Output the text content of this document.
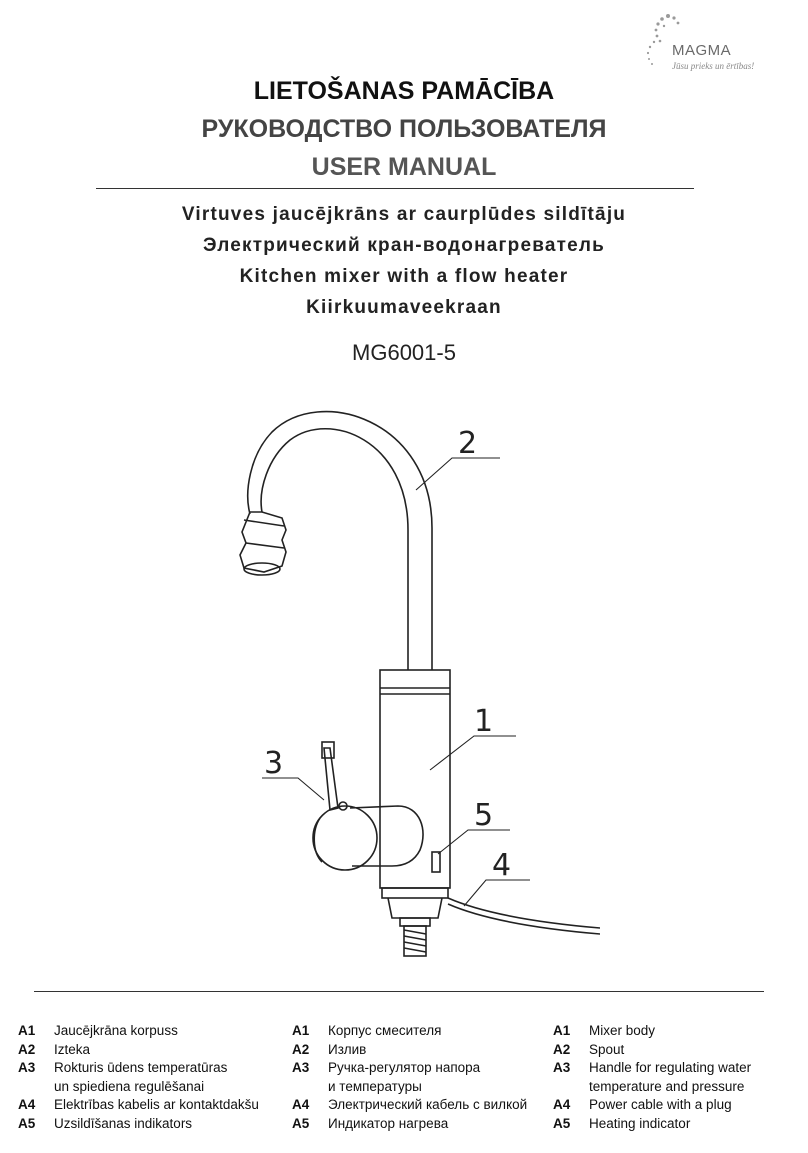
MAGMA
Jūsu prieks un ērtības!
LIETOŠANAS PAMĀCĪBA
РУКОВОДСТВО ПОЛЬЗОВАТЕЛЯ
USER MANUAL
Virtuves jaucējkrāns ar caurplūdes sildītāju
Электрический кран-водонагреватель
Kitchen mixer with a flow heater
Kiirkuumaveekraan
MG6001-5
2
1
3
5
4
A1	Jaucējkrāna korpuss
A2	Izteka
A3	Rokturis ūdens temperatūras
un spiediena regulēšanai
A4	Elektrības kabelis ar kontaktdakšu
A5	Uzsildīšanas indikators
A1	Корпус смесителя
A2	Излив
A3	Ручка-регулятор напора
и температуры
A4	Электрический кабель с вилкой
A5	Индикатор нагрева
A1	Mixer body
A2	Spout
A3	Handle for regulating water
temperature and pressure
A4	Power cable with a plug
A5	Heating indicator
